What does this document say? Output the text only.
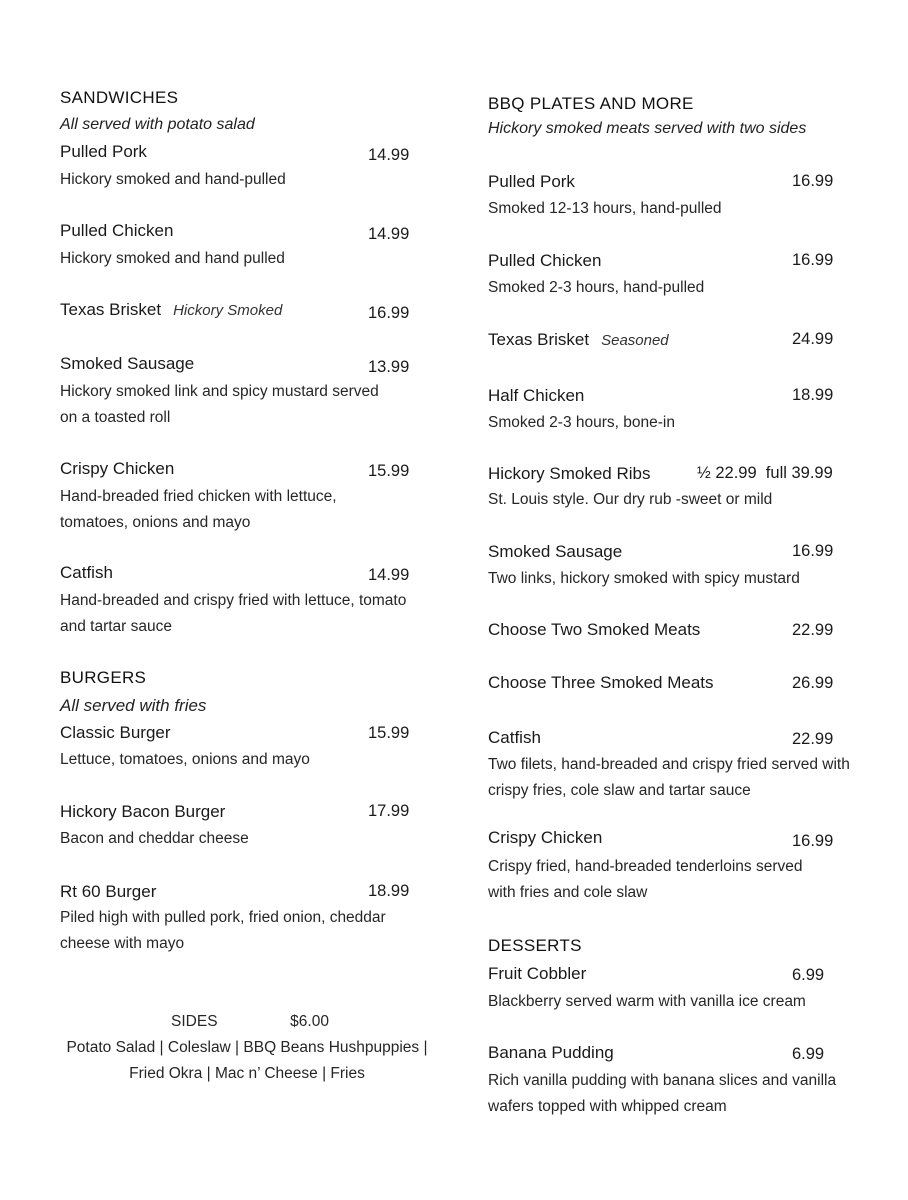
SANDWICHES
All served with potato salad
Pulled Pork	14.99
Hickory smoked and hand-pulled
Pulled Chicken	14.99
Hickory smoked and hand pulled
Texas Brisket Hickory Smoked	16.99
Smoked Sausage	13.99
Hickory smoked link and spicy mustard served on a toasted roll
Crispy Chicken	15.99
Hand-breaded fried chicken with lettuce, tomatoes, onions and mayo
Catfish	14.99
Hand-breaded and crispy fried with lettuce, tomato and tartar sauce
BURGERS
All served with fries
Classic Burger	15.99
Lettuce, tomatoes, onions and mayo
Hickory Bacon Burger	17.99
Bacon and cheddar cheese
Rt 60 Burger	18.99
Piled high with pulled pork, fried onion, cheddar cheese with mayo
SIDES	$6.00
Potato Salad | Coleslaw | BBQ Beans Hushpuppies | Fried Okra | Mac n’ Cheese | Fries
BBQ PLATES AND MORE
Hickory smoked meats served with two sides
Pulled Pork	16.99
Smoked 12-13 hours, hand-pulled
Pulled Chicken	16.99
Smoked 2-3 hours, hand-pulled
Texas Brisket Seasoned	24.99
Half Chicken	18.99
Smoked 2-3 hours, bone-in
Hickory Smoked Ribs	½ 22.99  full 39.99
St. Louis style. Our dry rub -sweet or mild
Smoked Sausage	16.99
Two links, hickory smoked with spicy mustard
Choose Two Smoked Meats	22.99
Choose Three Smoked Meats	26.99
Catfish	22.99
Two filets, hand-breaded and crispy fried served with crispy fries, cole slaw and tartar sauce
Crispy Chicken	16.99
Crispy fried, hand-breaded tenderloins served with fries and cole slaw
DESSERTS
Fruit Cobbler	6.99
Blackberry served warm with vanilla ice cream
Banana Pudding	6.99
Rich vanilla pudding with banana slices and vanilla wafers topped with whipped cream
